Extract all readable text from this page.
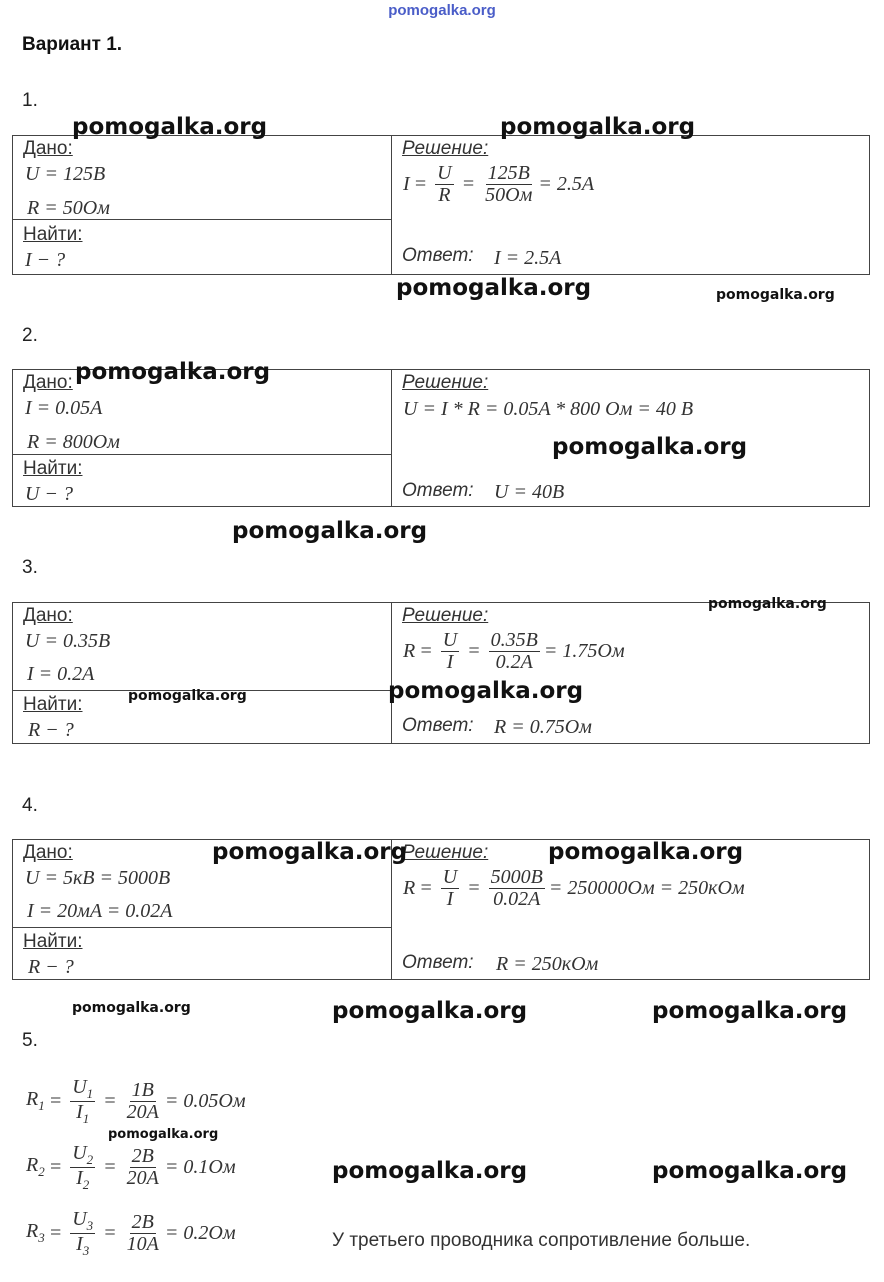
pomogalka.org
Вариант 1.
1.
Дано:
U = 125B
R = 50Ом
Найти:
I − ?
Решение:
$I = \frac{U}{R} = \frac{125B}{50Ом} = 2.5A$
Ответ: I = 2.5A
2.
Дано:
I = 0.05A
R = 800Ом
Найти:
U − ?
Решение:
U = I * R = 0.05A * 800 Ом = 40 В
Ответ: U = 40B
3.
Дано:
U = 0.35B
I = 0.2A
Найти:
R − ?
Решение:
$R = \frac{U}{I} = \frac{0.35B}{0.2A} = 1.75Ом$
Ответ: R = 0.75Ом
4.
Дано:
U = 5кB = 5000B
I = 20мA = 0.02A
Найти:
R − ?
Решение:
$R = \frac{U}{I} = \frac{5000B}{0.02A} = 250000Ом = 250кОм$
Ответ: R = 250кОм
5.
$R_1 = \frac{U_1}{I_1} = \frac{1B}{20A} = 0.05Ом$
$R_2 = \frac{U_2}{I_2} = \frac{2B}{20A} = 0.1Ом$
$R_3 = \frac{U_3}{I_3} = \frac{2B}{10A} = 0.2Ом$	У третьего проводника сопротивление больше.
pomogalka.org	pomogalka.org
pomogalka.org	pomogalka.org
pomogalka.org
pomogalka.org
pomogalka.org
pomogalka.org
pomogalka.org	pomogalka.org
pomogalka.org	pomogalka.org
pomogalka.org	pomogalka.org	pomogalka.org
pomogalka.org
pomogalka.org	pomogalka.org
